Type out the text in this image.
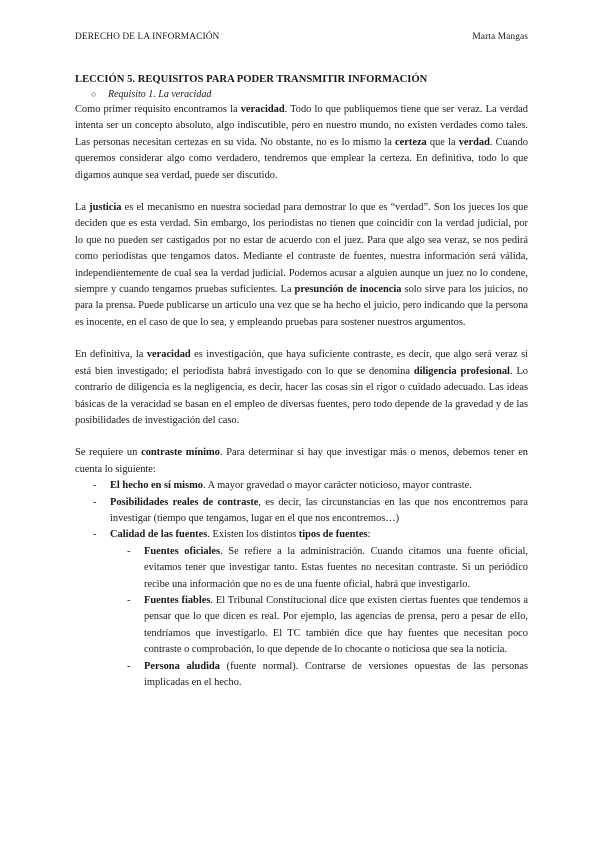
DERECHO DE LA INFORMACIÓN	Marta Mangas

LECCIÓN 5. REQUISITOS PARA PODER TRANSMITIR INFORMACIÓN

○ Requisito 1. La veracidad

Como primer requisito encontramos la veracidad. Todo lo que publiquemos tiene que ser veraz. La verdad intenta ser un concepto absoluto, algo indiscutible, pero en nuestro mundo, no existen verdades como tales. Las personas necesitan certezas en su vida. No obstante, no es lo mismo la certeza que la verdad. Cuando queremos considerar algo como verdadero, tendremos que emplear la certeza. En definitiva, todo lo que digamos aunque sea verdad, puede ser discutido.

La justicia es el mecanismo en nuestra sociedad para demostrar lo que es “verdad”. Son los jueces los que deciden que es esta verdad. Sin embargo, los periodistas no tienen que coincidir con la verdad judicial, por lo que no pueden ser castigados por no estar de acuerdo con el juez. Para que algo sea veraz, se nos pedirá como periodistas que tengamos datos. Mediante el contraste de fuentes, nuestra información será válida, independientemente de cual sea la verdad judicial. Podemos acusar a alguien aunque un juez no lo condene, siempre y cuando tengamos pruebas suficientes. La presunción de inocencia solo sirve para los juicios, no para la prensa. Puede publicarse un artículo una vez que se ha hecho el juicio, pero indicando que la persona es inocente, en el caso de que lo sea, y empleando pruebas para sostener nuestros argumentos.

En definitiva, la veracidad es investigación, que haya suficiente contraste, es decir, que algo será veraz si está bien investigado; el periodista habrá investigado con lo que se denomina diligencia profesional. Lo contrario de diligencia es la negligencia, es decir, hacer las cosas sin el rigor o cuidado adecuado. Las ideas básicas de la veracidad se basan en el empleo de diversas fuentes, pero todo depende de la gravedad y de las posibilidades de investigación del caso.

Se requiere un contraste mínimo. Para determinar si hay que investigar más o menos, debemos tener en cuenta lo siguiente:

- El hecho en sí mismo. A mayor gravedad o mayor carácter noticioso, mayor contraste.
- Posibilidades reales de contraste, es decir, las circunstancias en las que nos encontremos para investigar (tiempo que tengamos, lugar en el que nos encontremos…)
- Calidad de las fuentes. Existen los distintos tipos de fuentes:
- Fuentes oficiales. Se refiere a la administración. Cuando citamos una fuente oficial, evitamos tener que investigar tanto. Estas fuentes no necesitan contraste. Si un periódico recibe una información que no es de una fuente oficial, habrá que investigarlo.
- Fuentes fiables. El Tribunal Constitucional dice que existen ciertas fuentes que tendemos a pensar que lo que dicen es real. Por ejemplo, las agencias de prensa, pero a pesar de ello, tendríamos que investigarlo. El TC también dice que hay fuentes que necesitan poco contraste o comprobación, lo que depende de lo chocante o noticiosa que sea la noticia.
- Persona aludida (fuente normal). Contrarse de versiones opuestas de las personas implicadas en el hecho.
